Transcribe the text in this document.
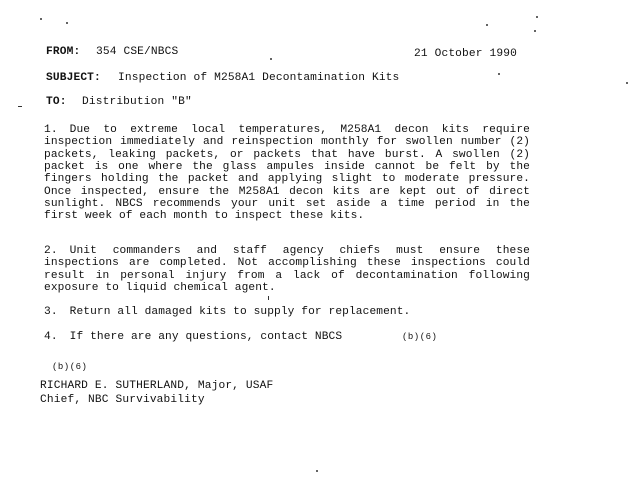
FROM: 354 CSE/NBCS	21 October 1990
SUBJECT: Inspection of M258A1 Decontamination Kits
TO: Distribution "B"
1. Due to extreme local temperatures, M258A1 decon kits require inspection immediately and reinspection monthly for swollen number (2) packets, leaking packets, or packets that have burst. A swollen (2) packet is one where the glass ampules inside cannot be felt by the fingers holding the packet and applying slight to moderate pressure. Once inspected, ensure the M258A1 decon kits are kept out of direct sunlight. NBCS recommends your unit set aside a time period in the first week of each month to inspect these kits.
2. Unit commanders and staff agency chiefs must ensure these inspections are completed. Not accomplishing these inspections could result in personal injury from a lack of decontamination following exposure to liquid chemical agent.
3. Return all damaged kits to supply for replacement.
4. If there are any questions, contact NBCS	(b)(6)
(b)(6)
RICHARD E. SUTHERLAND, Major, USAF
Chief, NBC Survivability
